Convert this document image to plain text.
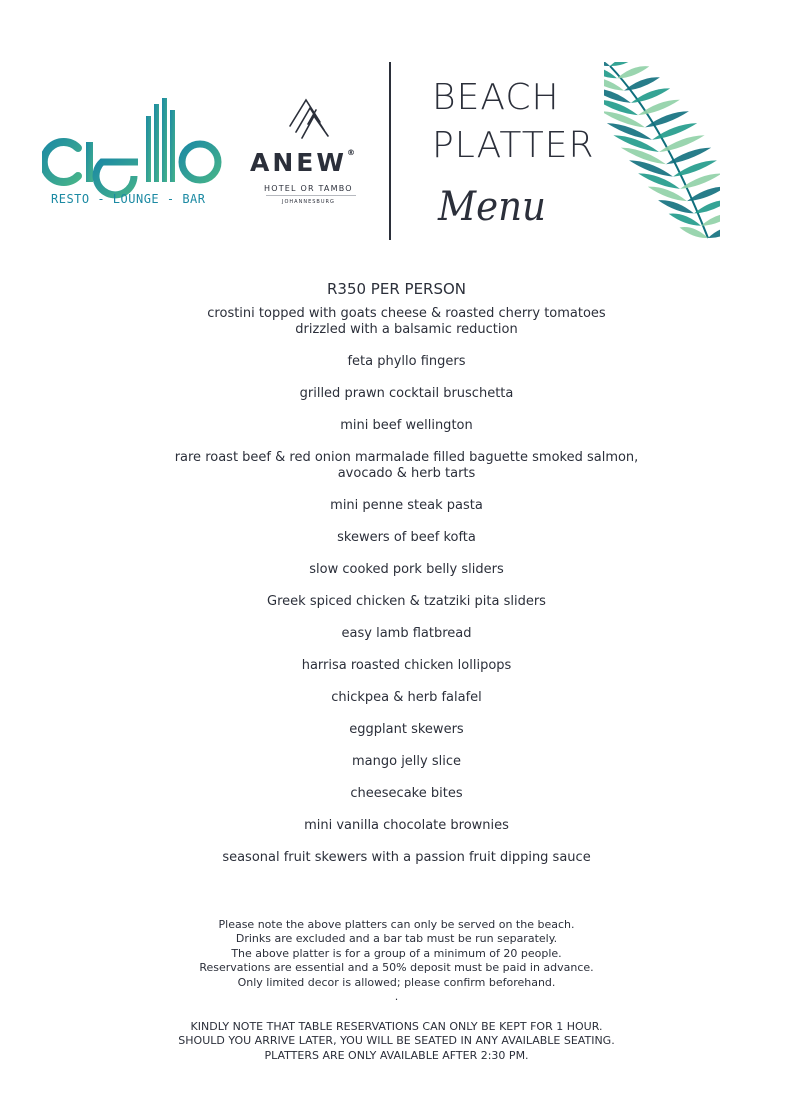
RESTO - LOUNGE - BAR
ANEW®
HOTEL OR TAMBO
JOHANNESBURG
BEACH
PLATTER
Menu
R350 PER PERSON
crostini topped with goats cheese & roasted cherry tomatoes
drizzled with a balsamic reduction
feta phyllo fingers
grilled prawn cocktail bruschetta
mini beef wellington
rare roast beef & red onion marmalade filled baguette smoked salmon,
avocado & herb tarts
mini penne steak pasta
skewers of beef kofta
slow cooked pork belly sliders
Greek spiced chicken & tzatziki pita sliders
easy lamb flatbread
harrisa roasted chicken lollipops
chickpea & herb falafel
eggplant skewers
mango jelly slice
cheesecake bites
mini vanilla chocolate brownies
seasonal fruit skewers with a passion fruit dipping sauce
Please note the above platters can only be served on the beach.
Drinks are excluded and a bar tab must be run separately.
The above platter is for a group of a minimum of 20 people.
Reservations are essential and a 50% deposit must be paid in advance.
Only limited decor is allowed; please confirm beforehand.
.
KINDLY NOTE THAT TABLE RESERVATIONS CAN ONLY BE KEPT FOR 1 HOUR.
SHOULD YOU ARRIVE LATER, YOU WILL BE SEATED IN ANY AVAILABLE SEATING.
PLATTERS ARE ONLY AVAILABLE AFTER 2:30 PM.
